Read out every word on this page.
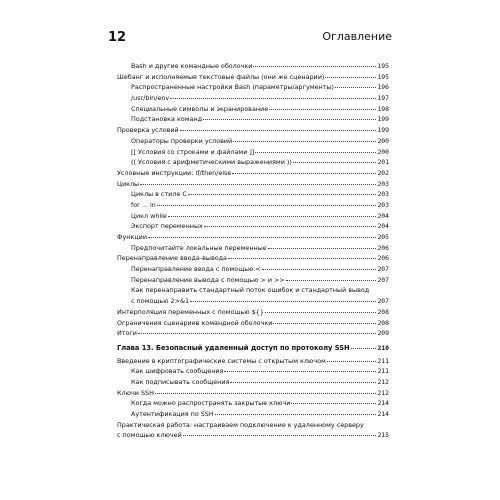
12	Оглавление
Bash и другие командные оболочки	195
Шебанг и исполняемые текстовые файлы (они же сценарии)	195
Распространенные настройки Bash (параметры/аргументы)	196
/usr/bin/env	197
Специальные символы и экранирование	198
Подстановка команд	199
Проверка условий	199
Операторы проверки условий	200
[[ Условия со строками и файлами ]]	200
(( Условия с арифметическими выражениями ))	201
Условные инструкции: if/then/else	202
Циклы	203
Циклы в стиле C	203
for ... in	203
Цикл while	204
Экспорт переменных	204
Функции	205
Предпочитайте локальные переменные	206
Перенаправление ввода-вывода	206
Перенаправление ввода с помощью <	207
Перенаправление вывода с помощью > и >>	207
Как перенаправить стандартный поток ошибок и стандартный вывод
с помощью 2>&1	207
Интерполяция переменных с помощью ${}	208
Ограничения сценариев командной оболочки	208
Итоги	209
Глава 13. Безопасный удаленный доступ по протоколу SSH	210
Введение в криптографические системы с открытым ключом	211
Как шифровать сообщения	211
Как подписывать сообщения	212
Ключи SSH	212
Когда можно распространять закрытые ключи	214
Аутентификация по SSH	214
Практическая работа: настраиваем подключение к удаленному серверу
с помощью ключей	215
